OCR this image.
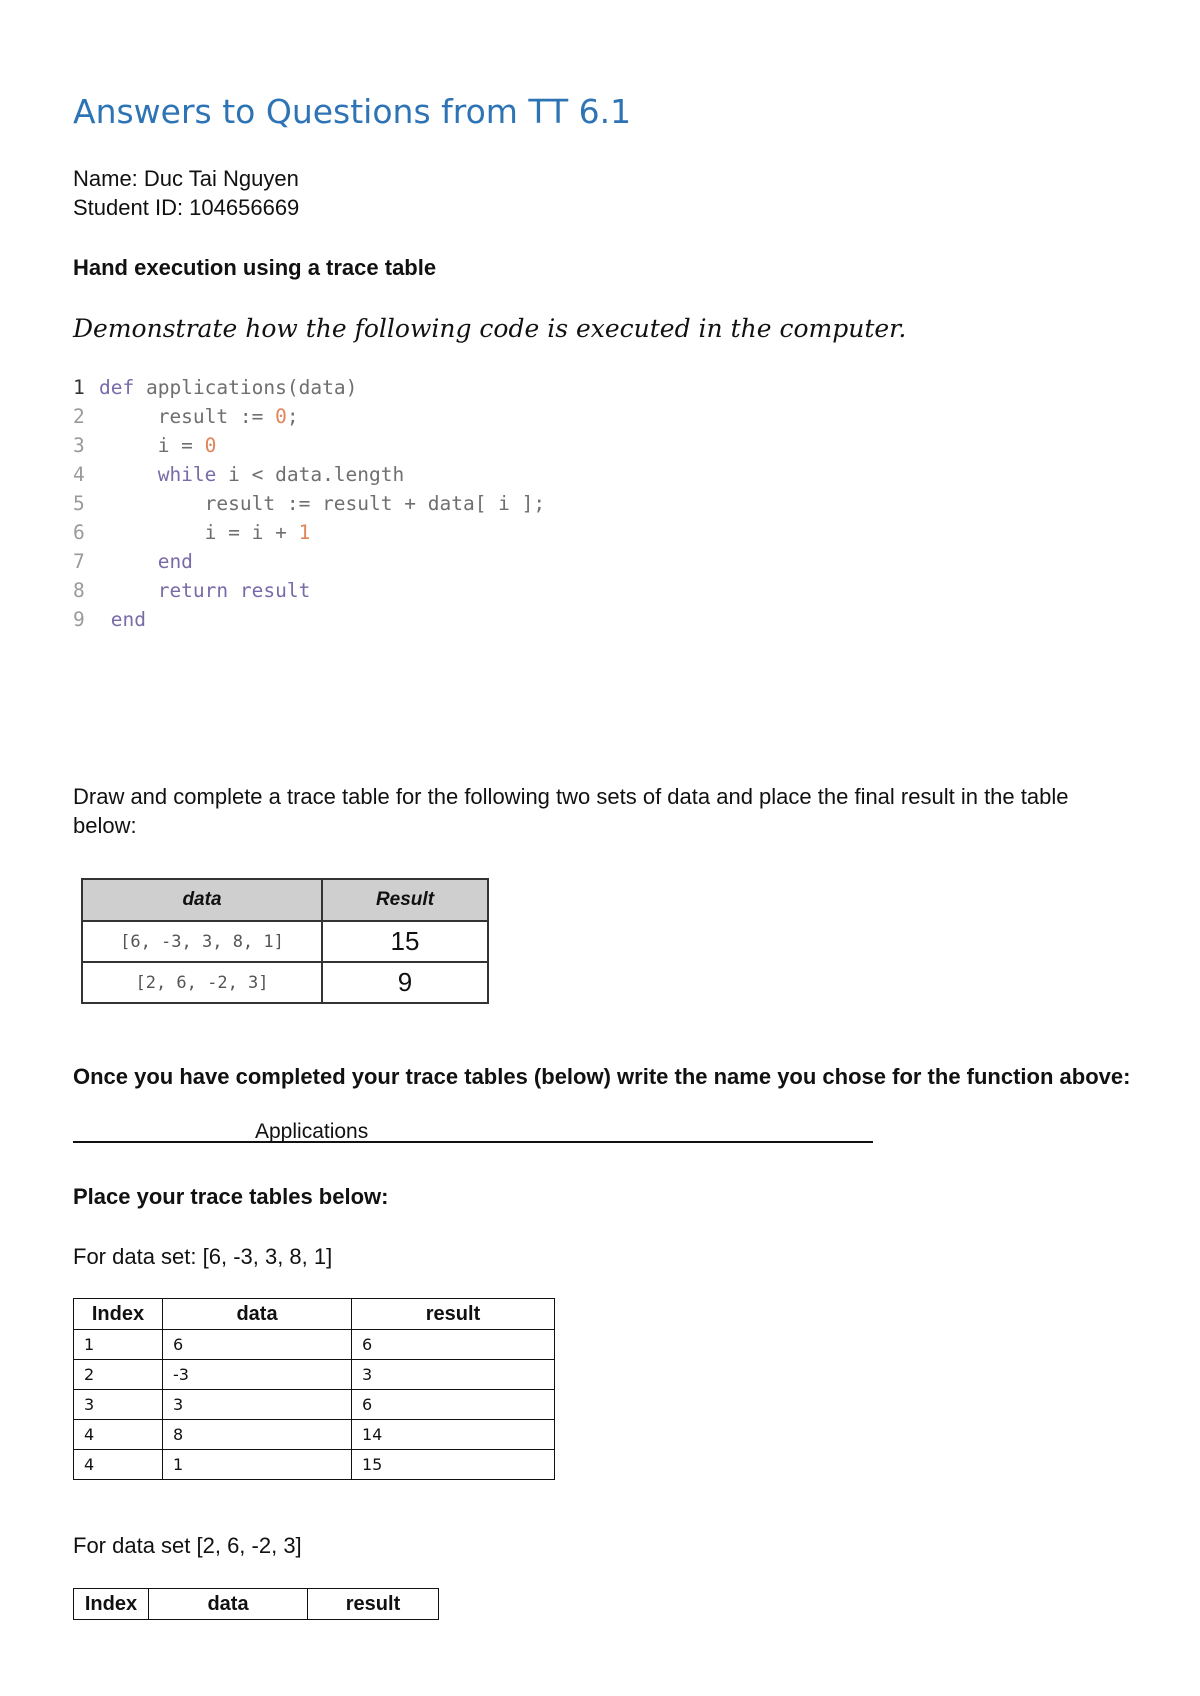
Answers to Questions from TT 6.1
Name: Duc Tai Nguyen
Student ID: 104656669
Hand execution using a trace table
Demonstrate how the following code is executed in the computer.
1 def applications(data)
2	result := 0;
3	i = 0
4	while i < data.length
5	result := result + data[ i ];
6	i = i + 1
7	end
8	return result
9 end
Draw and complete a trace table for the following two sets of data and place the final result in the table below:
data	Result
[6, -3, 3, 8, 1]	15
[2, 6, -2, 3]	9
Once you have completed your trace tables (below) write the name you chose for the function above:
Applications
Place your trace tables below:
For data set: [6, -3, 3, 8, 1]
Index	data	result
1	6	6
2	-3	3
3	3	6
4	8	14
4	1	15
For data set [2, 6, -2, 3]
Index	data	result
